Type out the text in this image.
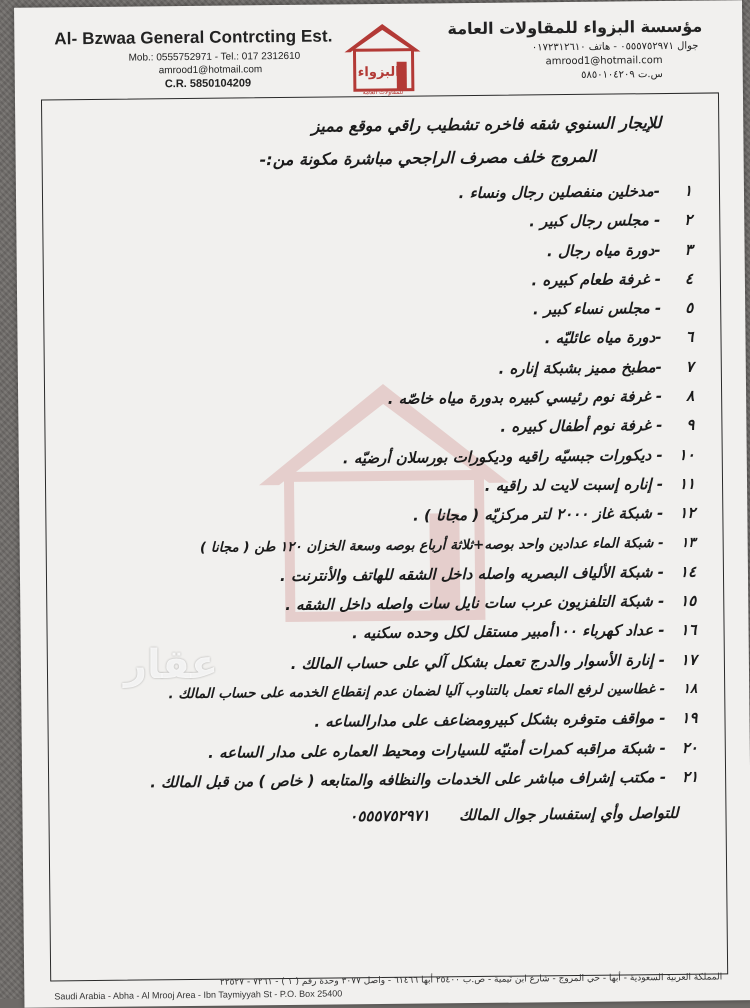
Al- Bzwaa General Contrcting Est.
Mob.: 0555752971 - Tel.: 017 2312610
amrood1@hotmail.com
C.R. 5850104209
البزواء
للمقاولات العامة
مؤسسة البزواء للمقاولات العامة
جوال ٠٥٥٥٧٥٢٩٧١ - هاتف ٠١٧٢٣١٢٦١٠
amrood1@hotmail.com
س.ت ٥٨٥٠١٠٤٢٠٩
للإيجار السنوي شقه فاخره تشطيب راقي موقع مميز
المروج خلف مصرف الراجحي مباشرة مكونة من:-
١
-مدخلين منفصلين رجال ونساء .
٢
- مجلس رجال كبير .
٣
-دورة مياه رجال .
٤
- غرفة طعام كبيره .
٥
- مجلس نساء كبير .
٦
-دورة مياه عائليّه .
٧
-مطبخ مميز بشبكة إناره .
٨
- غرفة نوم رئيسي كبيره بدورة مياه خاصّه .
٩
- غرفة نوم أطفال كبيره .
١٠
- ديكورات جبسيّه راقيه وديكورات بورسلان أرضيّه .
١١
- إناره إسبت لايت لد راقيه .
١٢
- شبكة غاز ٢٠٠٠ لتر مركزيّه ( مجانا ) .
١٣
- شبكة الماء عدادين واحد بوصه+ثلاثة أرباع بوصه وسعة الخزان ١٢٠ طن ( مجانا )
١٤
- شبكة الألياف البصريه واصله داخل الشقه للهاتف والأنترنت .
١٥
- شبكة التلفزيون عرب سات نايل سات واصله داخل الشقه .
١٦
- عداد كهرباء ١٠٠أمبير مستقل لكل وحده سكنيه .
١٧
- إنارة الأسوار والدرج تعمل بشكل آلي على حساب المالك .
١٨
- غطاسين لرفع الماء تعمل بالتناوب آليا لضمان عدم إنقطاع الخدمه على حساب المالك .
١٩
- مواقف متوفره بشكل كبيرومضاعف على مدارالساعه .
٢٠
- شبكة مراقبه كمرات أمنيّه للسيارات ومحيط العماره على مدار الساعه .
٢١
- مكتب إشراف مباشر على الخدمات والنظافه والمتابعه ( خاص ) من قبل المالك .
للتواصل وأي إستفسار جوال المالك ٠٥٥٥٧٥٢٩٧١
المملكة العربية السعودية - أبها - حي المروج - شارع ابن تيمية - ص.ب ٢٥٤٠٠ أبها ٦١٤٦٦ - واصل ٣٠٧٧ وحدة رقم ( ١ ) - ٧٢٦١ - ٢٢٥٢٧
Saudi Arabia - Abha - Al Mrooj Area - Ibn Taymiyyah St - P.O. Box 25400
عقار
